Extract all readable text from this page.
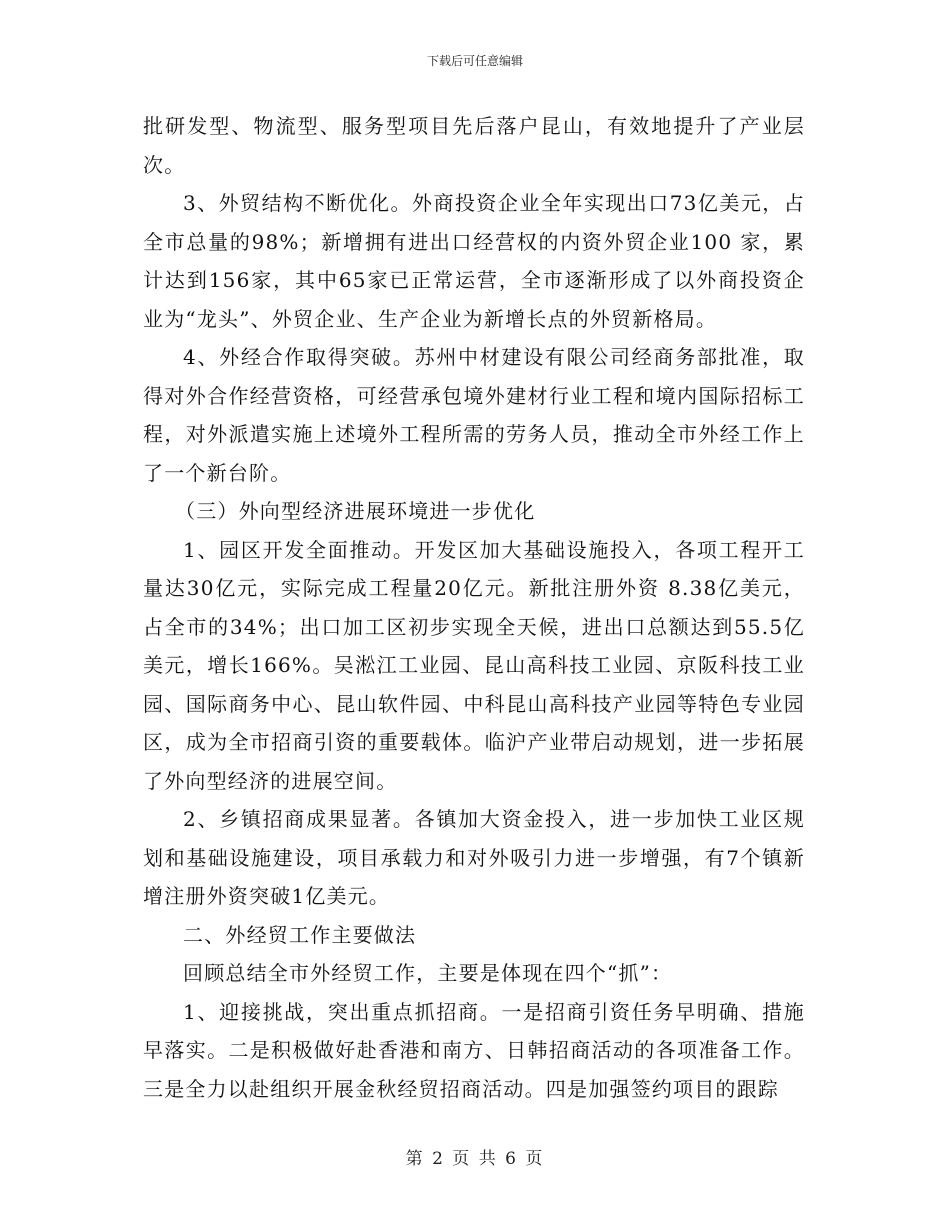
下载后可任意编辑

批研发型、物流型、服务型项目先后落户昆山，有效地提升了产业层次。

3、外贸结构不断优化。外商投资企业全年实现出口73亿美元，占全市总量的98%；新增拥有进出口经营权的内资外贸企业100 家，累计达到156家，其中65家已正常运营，全市逐渐形成了以外商投资企业为“龙头”、外贸企业、生产企业为新增长点的外贸新格局。

4、外经合作取得突破。苏州中材建设有限公司经商务部批准，取得对外合作经营资格，可经营承包境外建材行业工程和境内国际招标工程，对外派遣实施上述境外工程所需的劳务人员，推动全市外经工作上了一个新台阶。

（三）外向型经济进展环境进一步优化

1、园区开发全面推动。开发区加大基础设施投入，各项工程开工量达30亿元，实际完成工程量20亿元。新批注册外资 8.38亿美元，占全市的34%；出口加工区初步实现全天候，进出口总额达到55.5亿美元，增长166%。吴淞江工业园、昆山高科技工业园、京阪科技工业园、国际商务中心、昆山软件园、中科昆山高科技产业园等特色专业园区，成为全市招商引资的重要载体。临沪产业带启动规划，进一步拓展了外向型经济的进展空间。

2、乡镇招商成果显著。各镇加大资金投入，进一步加快工业区规划和基础设施建设，项目承载力和对外吸引力进一步增强，有7个镇新增注册外资突破1亿美元。

二、外经贸工作主要做法

回顾总结全市外经贸工作，主要是体现在四个“抓”：

1、迎接挑战，突出重点抓招商。一是招商引资任务早明确、措施早落实。二是积极做好赴香港和南方、日韩招商活动的各项准备工作。三是全力以赴组织开展金秋经贸招商活动。四是加强签约项目的跟踪

第 2 页 共 6 页
